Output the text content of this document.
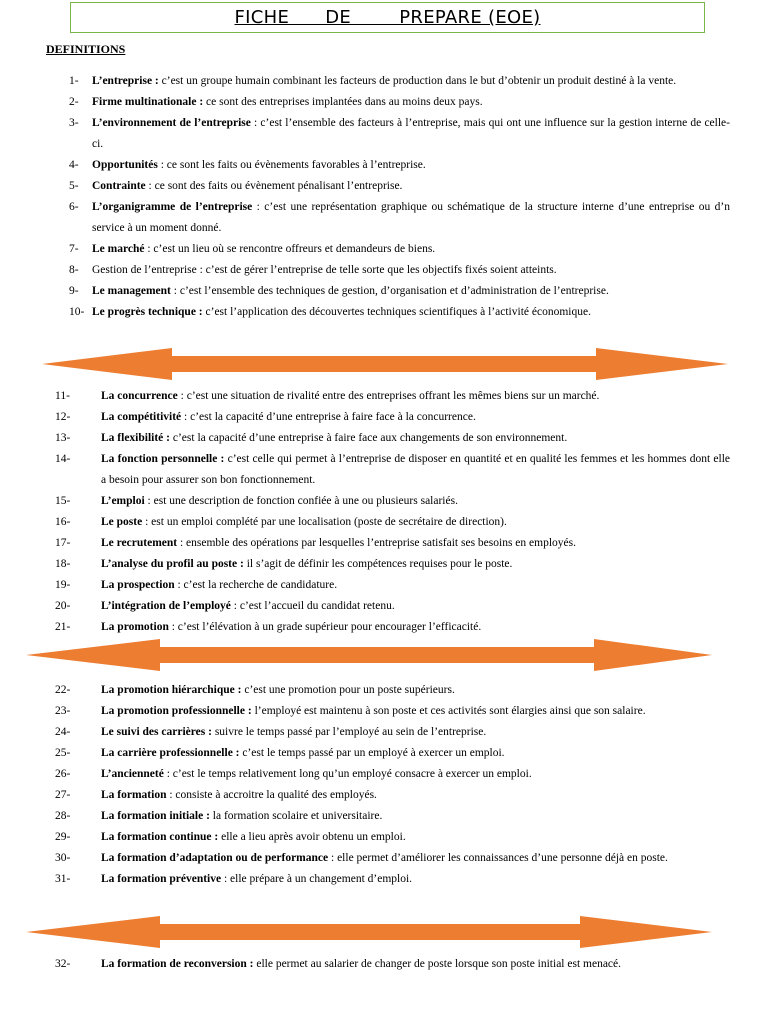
FICHE      DE        PREPARE (EOE)
DEFINITIONS
1- L’entreprise : c’est un groupe humain combinant les facteurs de production dans le but d’obtenir un produit destiné à la vente.
2- Firme multinationale : ce sont des entreprises implantées dans au moins deux pays.
3- L’environnement de l’entreprise : c’est l’ensemble des facteurs à l’entreprise, mais qui ont une influence sur la gestion interne de celle-ci.
4- Opportunités : ce sont les faits ou évènements favorables à l’entreprise.
5- Contrainte : ce sont des faits ou évènement pénalisant l’entreprise.
6- L’organigramme de l’entreprise : c’est une représentation graphique ou schématique de la structure interne d’une entreprise ou d’n service à un moment donné.
7- Le marché : c’est un lieu où se rencontre offreurs et demandeurs de biens.
8- Gestion de l’entreprise : c’est de gérer l’entreprise de telle sorte que les objectifs fixés soient atteints.
9- Le management : c’est l’ensemble des techniques de gestion, d’organisation et d’administration de l’entreprise.
10- Le progrès technique : c’est l’application des découvertes techniques scientifiques à l’activité économique.
11-	La concurrence : c’est une situation de rivalité entre des entreprises offrant les mêmes biens sur un marché.
12-	La compétitivité : c’est la capacité d’une entreprise à faire face à la concurrence.
13-	La flexibilité : c’est la capacité d’une entreprise à faire face aux changements de son environnement.
14-	La fonction personnelle : c’est celle qui permet à l’entreprise de disposer en quantité et en qualité les femmes et les hommes dont elle a besoin pour assurer son bon fonctionnement.
15-	L’emploi : est une description de fonction confiée à une ou plusieurs salariés.
16-	Le poste : est un emploi complété par une localisation (poste de secrétaire de direction).
17-	Le recrutement : ensemble des opérations par lesquelles l’entreprise satisfait ses besoins en employés.
18-	L’analyse du profil au poste : il s’agit de définir les compétences requises pour le poste.
19-	La prospection : c’est la recherche de candidature.
20-	L’intégration de l’employé : c’est l’accueil du candidat retenu.
21-	La promotion : c’est l’élévation à un grade supérieur pour encourager l’efficacité.
22-	La promotion hiérarchique : c’est une promotion pour un poste supérieurs.
23-	La promotion professionnelle : l’employé est maintenu à son poste et ces activités sont élargies ainsi que son salaire.
24-	Le suivi des carrières : suivre le temps passé par l’employé au sein de l’entreprise.
25-	La carrière professionnelle : c’est le temps passé par un employé à exercer un emploi.
26-	L’ancienneté : c’est le temps relativement long qu’un employé consacre à exercer un emploi.
27-	La formation : consiste à accroitre la qualité des employés.
28-	La formation initiale : la formation scolaire et universitaire.
29-	La formation continue : elle a lieu après avoir obtenu un emploi.
30-	La formation d’adaptation ou de performance : elle permet d’améliorer les connaissances d’une personne déjà en poste.
31-	La formation préventive : elle prépare à un changement d’emploi.
32-	La formation de reconversion : elle permet au salarier de changer de poste lorsque son poste initial est menacé.
